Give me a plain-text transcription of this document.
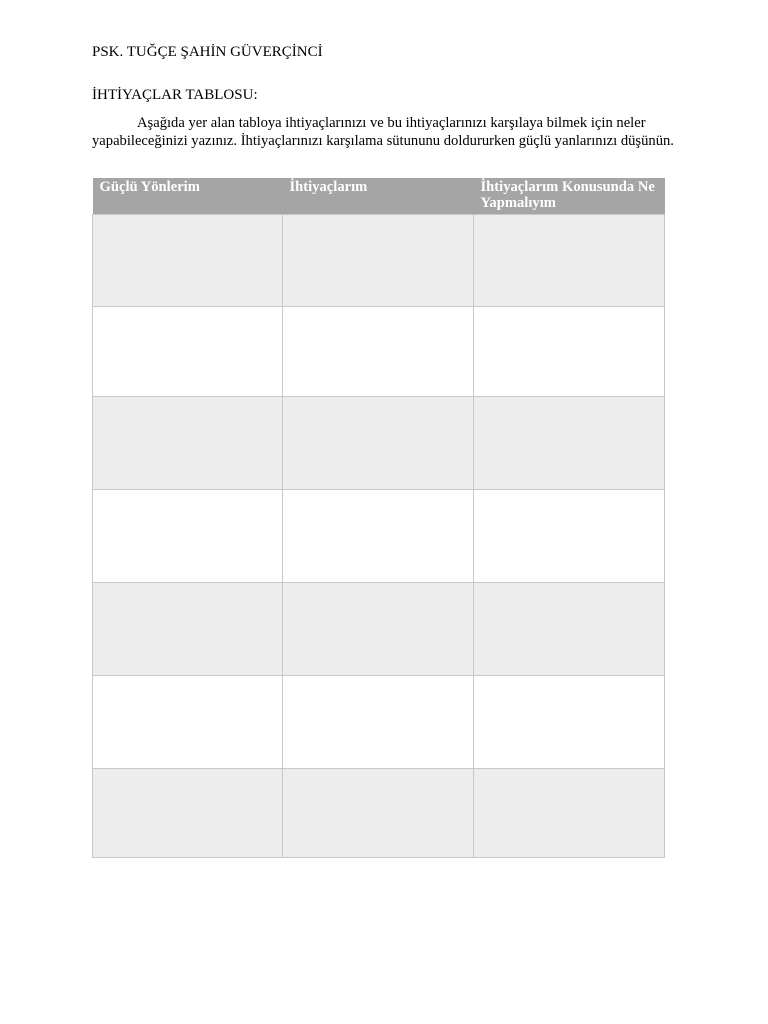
PSK. TUĞÇE ŞAHİN GÜVERÇİNCİ
İHTİYAÇLAR TABLOSU:

Aşağıda yer alan tabloya ihtiyaçlarınızı ve bu ihtiyaçlarınızı karşılaya bilmek için neler yapabileceğinizi yazınız. İhtiyaçlarınızı karşılama sütununu doldururken güçlü yanlarınızı düşünün.

Güçlü Yönlerim	İhtiyaçlarım	İhtiyaçlarım Konusunda Ne Yapmalıyım
